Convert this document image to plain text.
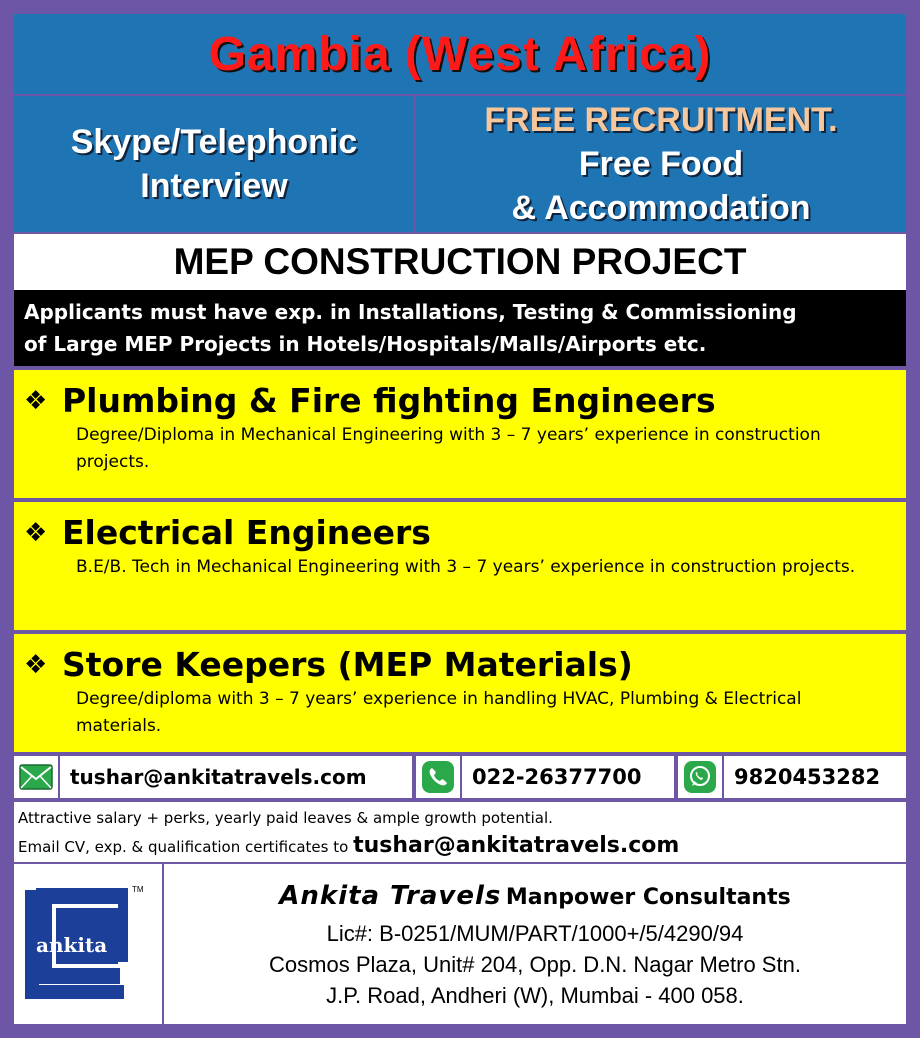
Gambia (West Africa)
Skype/Telephonic
Interview
FREE RECRUITMENT.
Free Food
& Accommodation
MEP CONSTRUCTION PROJECT
Applicants must have exp. in Installations, Testing & Commissioning
of Large MEP Projects in Hotels/Hospitals/Malls/Airports etc.
❖ Plumbing & Fire fighting Engineers
Degree/Diploma in Mechanical Engineering with 3 – 7 years’ experience in construction projects.
❖ Electrical Engineers
B.E/B. Tech in Mechanical Engineering with 3 – 7 years’ experience in construction projects.
❖ Store Keepers (MEP Materials)
Degree/diploma with 3 – 7 years’ experience in handling HVAC, Plumbing & Electrical materials.
tushar@ankitatravels.com	022-26377700	9820453282
Attractive salary + perks, yearly paid leaves & ample growth potential.
Email CV, exp. & qualification certificates to tushar@ankitatravels.com
TM
ankita
Ankita Travels Manpower Consultants
Lic#: B-0251/MUM/PART/1000+/5/4290/94
Cosmos Plaza, Unit# 204, Opp. D.N. Nagar Metro Stn.
J.P. Road, Andheri (W), Mumbai - 400 058.
